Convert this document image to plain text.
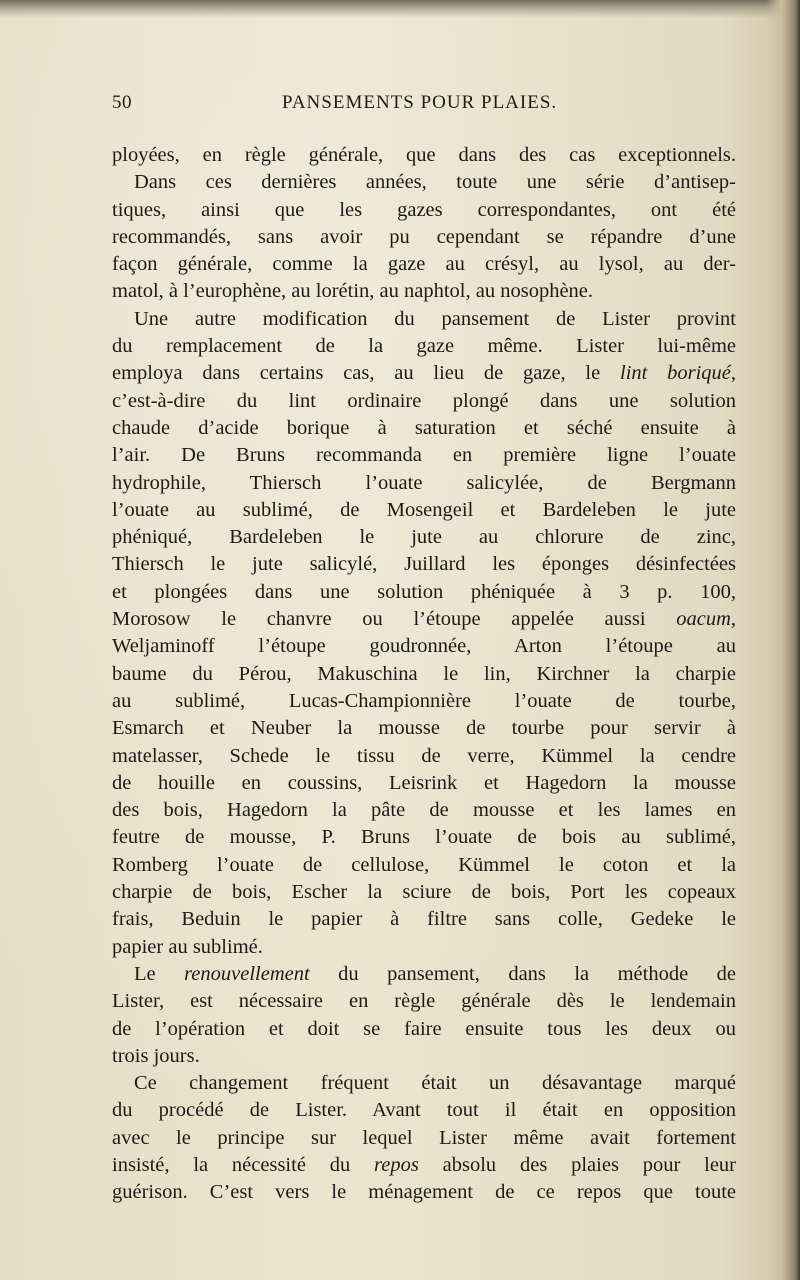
50	PANSEMENTS POUR PLAIES.
ployées, en règle générale, que dans des cas exceptionnels.
Dans ces dernières années, toute une série d’antisep-
tiques, ainsi que les gazes correspondantes, ont été
recommandés, sans avoir pu cependant se répandre d’une
façon générale, comme la gaze au crésyl, au lysol, au der-
matol, à l’europhène, au lorétin, au naphtol, au nosophène.
Une autre modification du pansement de Lister provint
du remplacement de la gaze même. Lister lui-même
employa dans certains cas, au lieu de gaze, le lint boriqué,
c’est-à-dire du lint ordinaire plongé dans une solution
chaude d’acide borique à saturation et séché ensuite à
l’air. De Bruns recommanda en première ligne l’ouate
hydrophile, Thiersch l’ouate salicylée, de Bergmann
l’ouate au sublimé, de Mosengeil et Bardeleben le jute
phéniqué, Bardeleben le jute au chlorure de zinc,
Thiersch le jute salicylé, Juillard les éponges désinfectées
et plongées dans une solution phéniquée à 3 p. 100,
Morosow le chanvre ou l’étoupe appelée aussi oacum,
Weljaminoff l’étoupe goudronnée, Arton l’étoupe au
baume du Pérou, Makuschina le lin, Kirchner la charpie
au sublimé, Lucas-Championnière l’ouate de tourbe,
Esmarch et Neuber la mousse de tourbe pour servir à
matelasser, Schede le tissu de verre, Kümmel la cendre
de houille en coussins, Leisrink et Hagedorn la mousse
des bois, Hagedorn la pâte de mousse et les lames en
feutre de mousse, P. Bruns l’ouate de bois au sublimé,
Romberg l’ouate de cellulose, Kümmel le coton et la
charpie de bois, Escher la sciure de bois, Port les copeaux
frais, Beduin le papier à filtre sans colle, Gedeke le
papier au sublimé.
Le renouvellement du pansement, dans la méthode de
Lister, est nécessaire en règle générale dès le lendemain
de l’opération et doit se faire ensuite tous les deux ou
trois jours.
Ce changement fréquent était un désavantage marqué
du procédé de Lister. Avant tout il était en opposition
avec le principe sur lequel Lister même avait fortement
insisté, la nécessité du repos absolu des plaies pour leur
guérison. C’est vers le ménagement de ce repos que toute
